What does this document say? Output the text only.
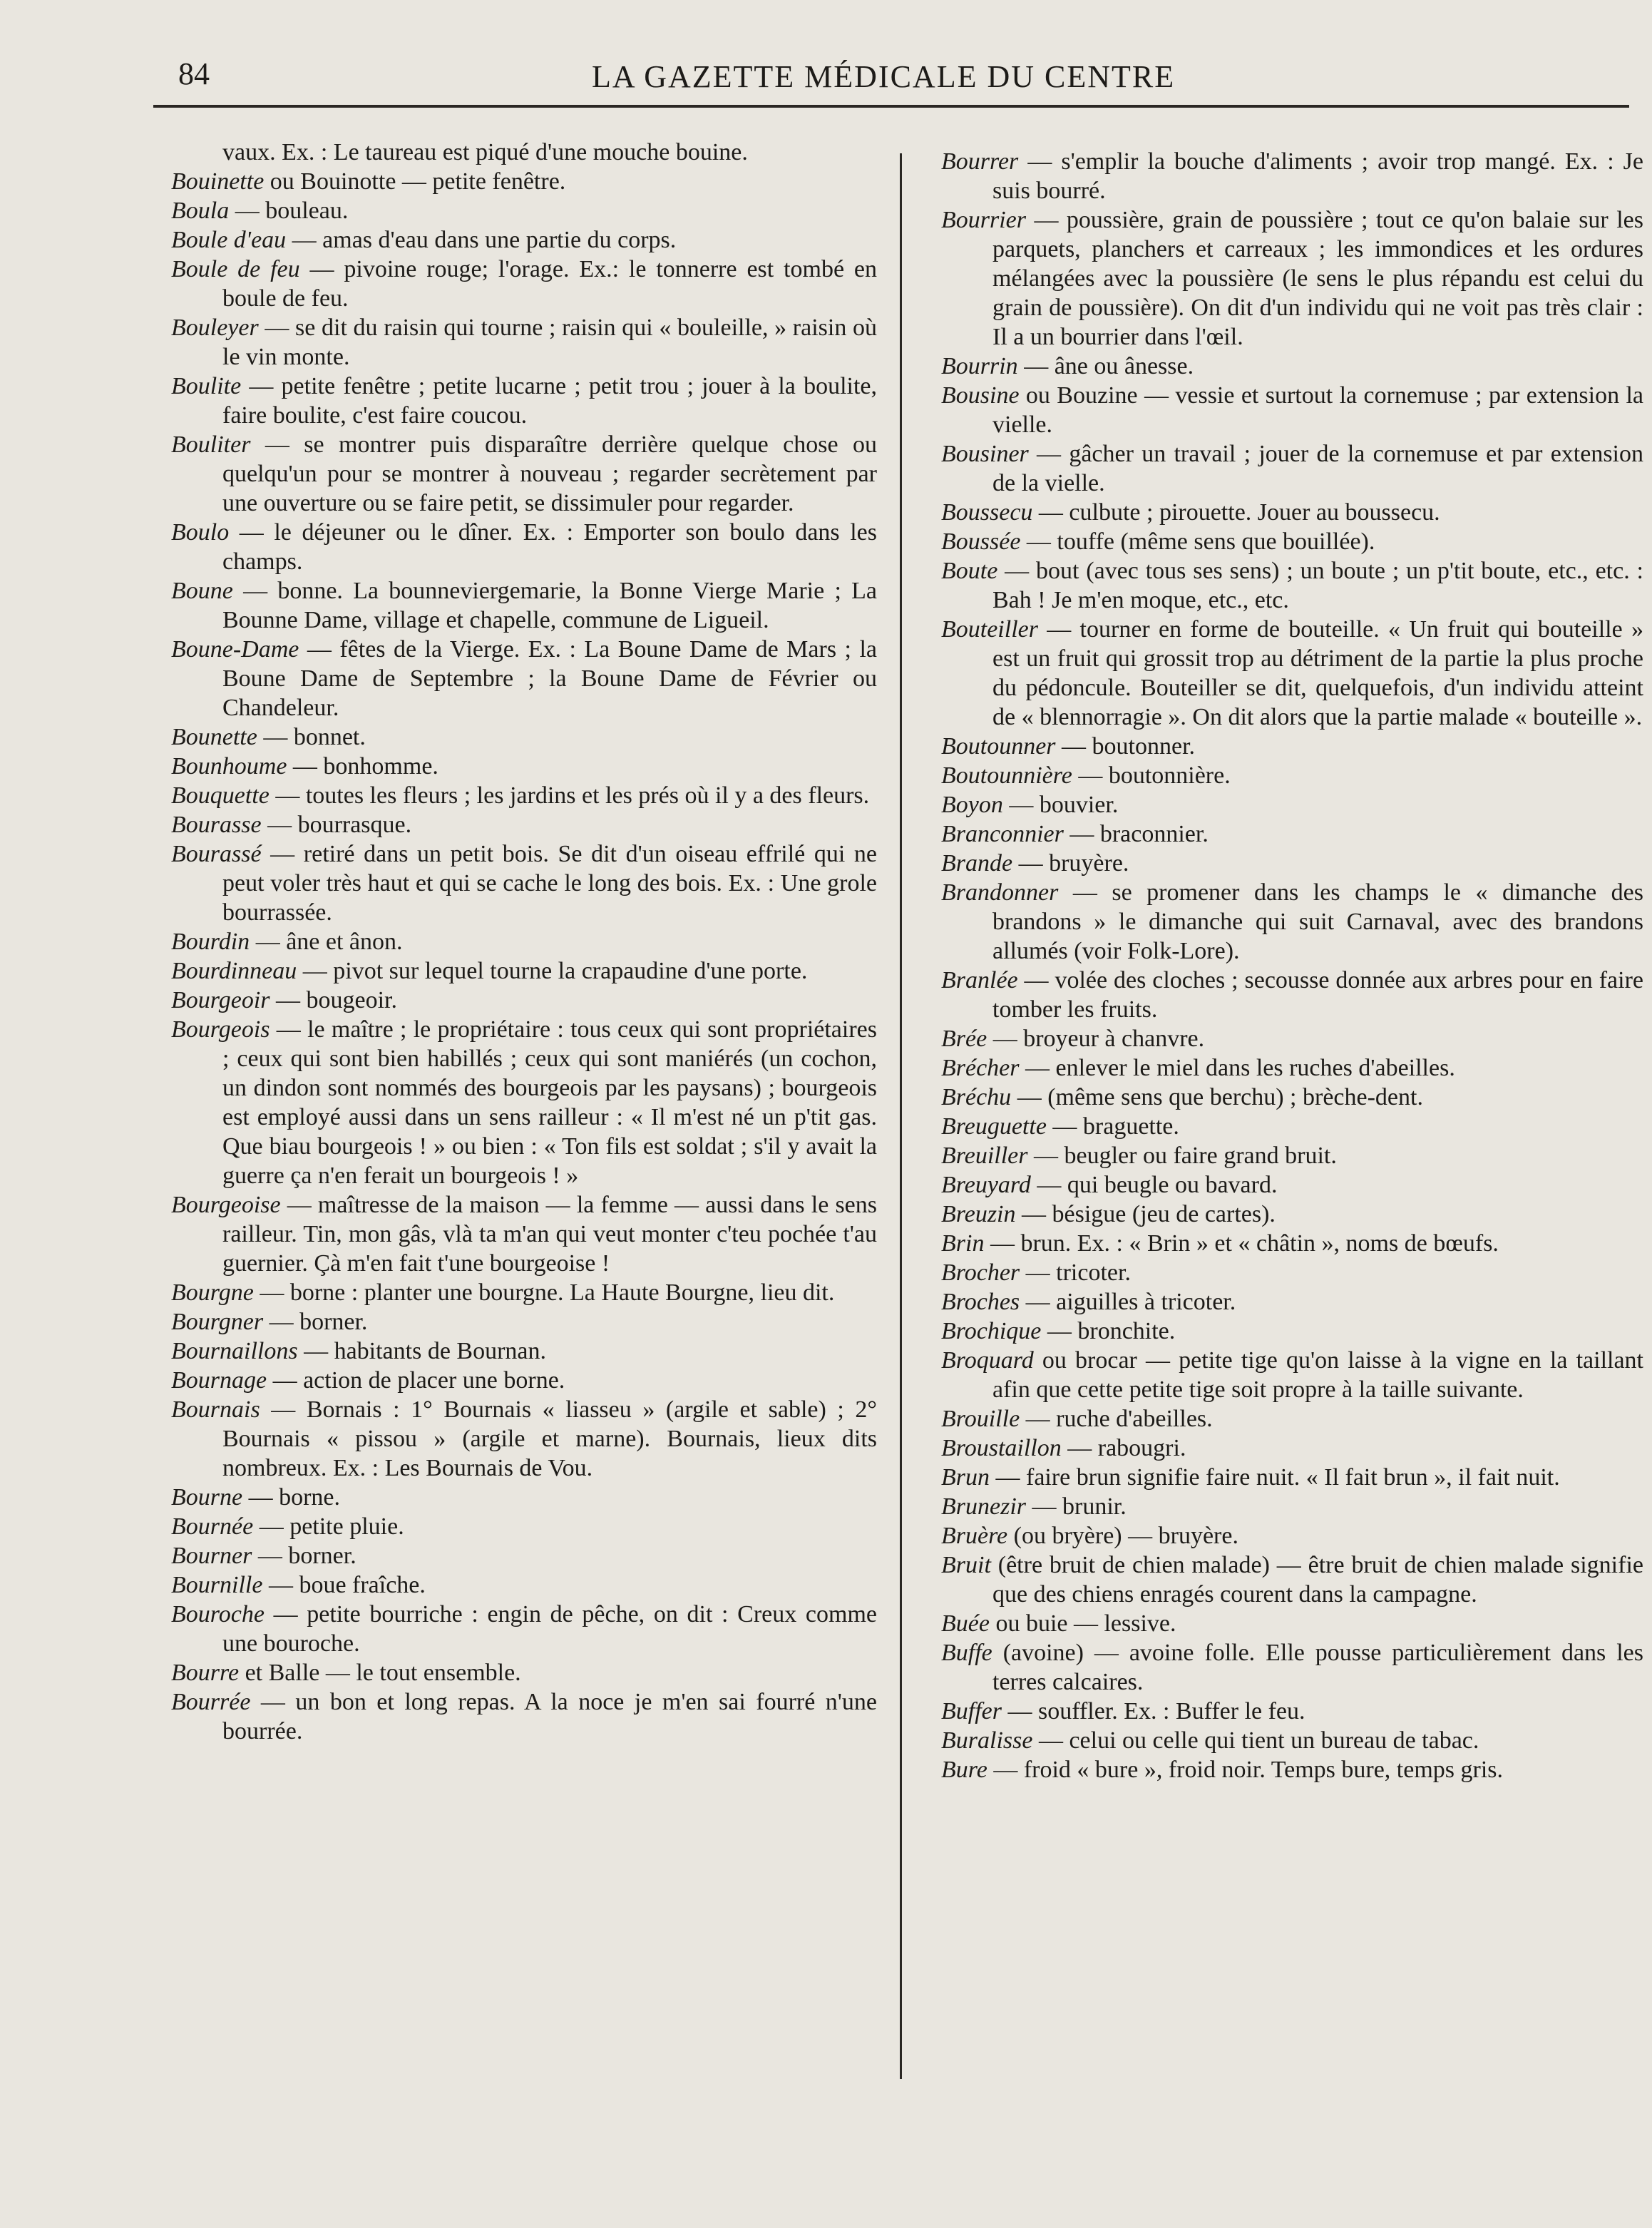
84	LA GAZETTE MÉDICALE DU CENTRE

vaux. Ex. : Le taureau est piqué d'une mouche bouine.

Bouinette ou Bouinotte — petite fenêtre.

Boula — bouleau.

Boule d'eau — amas d'eau dans une partie du corps.

Boule de feu — pivoine rouge; l'orage. Ex.: le tonnerre est tombé en boule de feu.

Bouleyer — se dit du raisin qui tourne ; raisin qui « bouleille, » raisin où le vin monte.

Boulite — petite fenêtre ; petite lucarne ; petit trou ; jouer à la boulite, faire boulite, c'est faire coucou.

Bouliter — se montrer puis disparaître derrière quelque chose ou quelqu'un pour se montrer à nouveau ; regarder secrètement par une ouverture ou se faire petit, se dissimuler pour regarder.

Boulo — le déjeuner ou le dîner. Ex. : Emporter son boulo dans les champs.

Boune — bonne. La bounneviergemarie, la Bonne Vierge Marie ; La Bounne Dame, village et chapelle, commune de Ligueil.

Boune-Dame — fêtes de la Vierge. Ex. : La Boune Dame de Mars ; la Boune Dame de Septembre ; la Boune Dame de Février ou Chandeleur.

Bounette — bonnet.

Bounhoume — bonhomme.

Bouquette — toutes les fleurs ; les jardins et les prés où il y a des fleurs.

Bourasse — bourrasque.

Bourassé — retiré dans un petit bois. Se dit d'un oiseau effrilé qui ne peut voler très haut et qui se cache le long des bois. Ex. : Une grole bourrassée.

Bourdin — âne et ânon.

Bourdinneau — pivot sur lequel tourne la crapaudine d'une porte.

Bourgeoir — bougeoir.

Bourgeois — le maître ; le propriétaire : tous ceux qui sont propriétaires ; ceux qui sont bien habillés ; ceux qui sont maniérés (un cochon, un dindon sont nommés des bourgeois par les paysans) ; bourgeois est employé aussi dans un sens railleur : « Il m'est né un p'tit gas. Que biau bourgeois ! » ou bien : « Ton fils est soldat ; s'il y avait la guerre ça n'en ferait un bourgeois ! »

Bourgeoise — maîtresse de la maison — la femme — aussi dans le sens railleur. Tin, mon gâs, vlà ta m'an qui veut monter c'teu pochée t'au guernier. Çà m'en fait t'une bourgeoise !

Bourgne — borne : planter une bourgne. La Haute Bourgne, lieu dit.

Bourgner — borner.

Bournaillons — habitants de Bournan.

Bournage — action de placer une borne.

Bournais — Bornais : 1° Bournais « liasseu » (argile et sable) ; 2° Bournais « pissou » (argile et marne). Bournais, lieux dits nombreux. Ex. : Les Bournais de Vou.

Bourne — borne.

Bournée — petite pluie.

Bourner — borner.

Bournille — boue fraîche.

Bouroche — petite bourriche : engin de pêche, on dit : Creux comme une bouroche.

Bourre et Balle — le tout ensemble.

Bourrée — un bon et long repas. A la noce je m'en sai fourré n'une bourrée.

Bourrer — s'emplir la bouche d'aliments ; avoir trop mangé. Ex. : Je suis bourré.

Bourrier — poussière, grain de poussière ; tout ce qu'on balaie sur les parquets, planchers et carreaux ; les immondices et les ordures mélangées avec la poussière (le sens le plus répandu est celui du grain de poussière). On dit d'un individu qui ne voit pas très clair : Il a un bourrier dans l'œil.

Bourrin — âne ou ânesse.

Bousine ou Bouzine — vessie et surtout la cornemuse ; par extension la vielle.

Bousiner — gâcher un travail ; jouer de la cornemuse et par extension de la vielle.

Boussecu — culbute ; pirouette. Jouer au boussecu.

Boussée — touffe (même sens que bouillée).

Boute — bout (avec tous ses sens) ; un boute ; un p'tit boute, etc., etc. : Bah ! Je m'en moque, etc., etc.

Bouteiller — tourner en forme de bouteille. « Un fruit qui bouteille » est un fruit qui grossit trop au détriment de la partie la plus proche du pédoncule. Bouteiller se dit, quelquefois, d'un individu atteint de « blennorragie ». On dit alors que la partie malade « bouteille ».

Boutounner — boutonner.

Boutounnière — boutonnière.

Boyon — bouvier.

Branconnier — braconnier.

Brande — bruyère.

Brandonner — se promener dans les champs le « dimanche des brandons » le dimanche qui suit Carnaval, avec des brandons allumés (voir Folk-Lore).

Branlée — volée des cloches ; secousse donnée aux arbres pour en faire tomber les fruits.

Brée — broyeur à chanvre.

Brécher — enlever le miel dans les ruches d'abeilles.

Bréchu — (même sens que berchu) ; brèche-dent.

Breuguette — braguette.

Breuiller — beugler ou faire grand bruit.

Breuyard — qui beugle ou bavard.

Breuzin — bésigue (jeu de cartes).

Brin — brun. Ex. : « Brin » et « châtin », noms de bœufs.

Brocher — tricoter.

Broches — aiguilles à tricoter.

Brochique — bronchite.

Broquard ou brocar — petite tige qu'on laisse à la vigne en la taillant afin que cette petite tige soit propre à la taille suivante.

Brouille — ruche d'abeilles.

Broustaillon — rabougri.

Brun — faire brun signifie faire nuit. « Il fait brun », il fait nuit.

Brunezir — brunir.

Bruère (ou bryère) — bruyère.

Bruit (être bruit de chien malade) — être bruit de chien malade signifie que des chiens enragés courent dans la campagne.

Buée ou buie — lessive.

Buffe (avoine) — avoine folle. Elle pousse particulièrement dans les terres calcaires.

Buffer — souffler. Ex. : Buffer le feu.

Buralisse — celui ou celle qui tient un bureau de tabac.

Bure — froid « bure », froid noir. Temps bure, temps gris.
